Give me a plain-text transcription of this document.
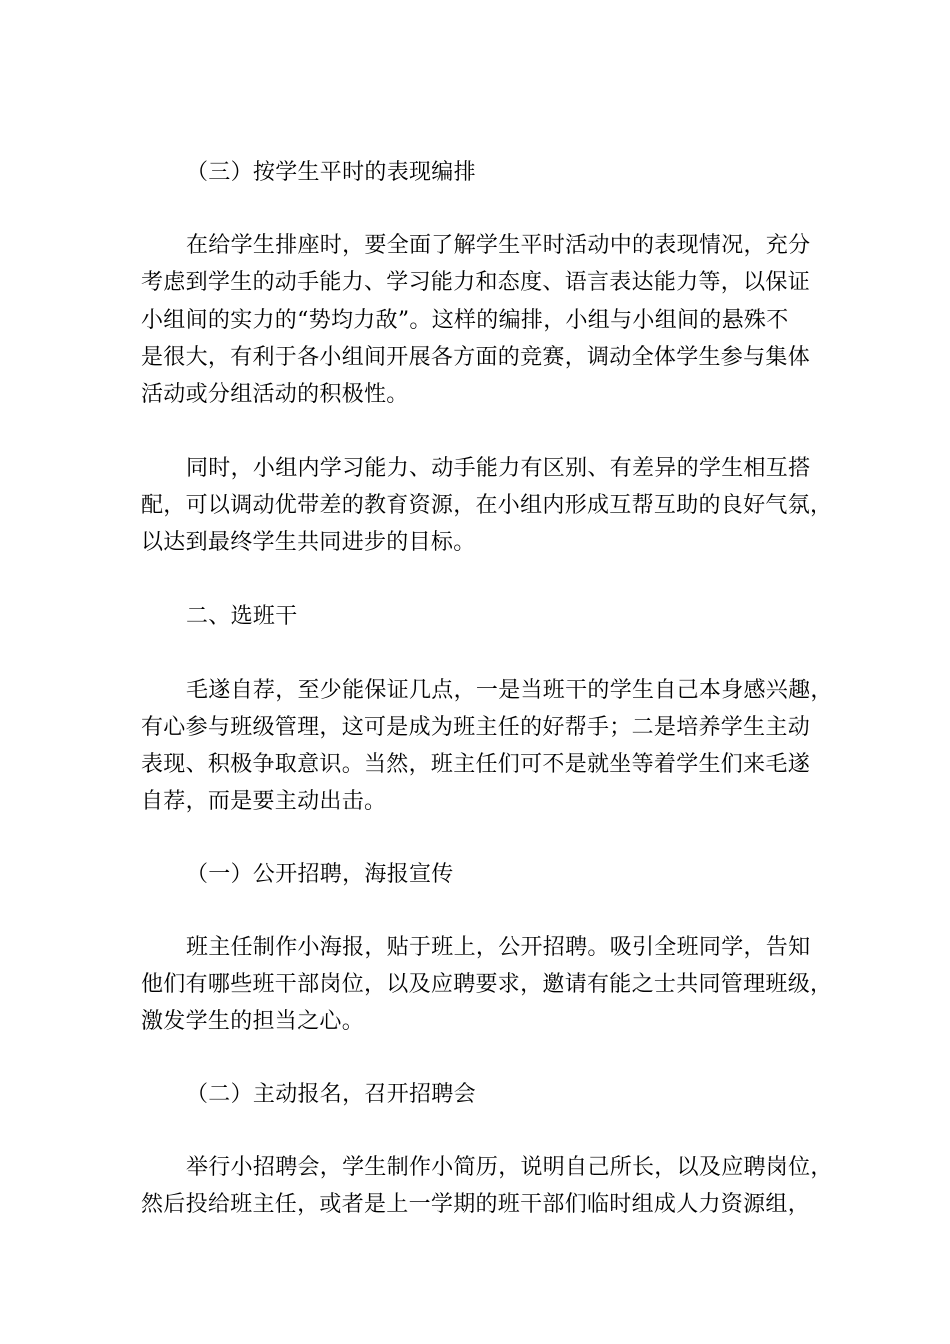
（三）按学生平时的表现编排
在给学生排座时，要全面了解学生平时活动中的表现情况，充分
考虑到学生的动手能力、学习能力和态度、语言表达能力等，以保证
小组间的实力的“势均力敌”。这样的编排，小组与小组间的悬殊不
是很大，有利于各小组间开展各方面的竞赛，调动全体学生参与集体
活动或分组活动的积极性。
同时，小组内学习能力、动手能力有区别、有差异的学生相互搭
配，可以调动优带差的教育资源，在小组内形成互帮互助的良好气氛，
以达到最终学生共同进步的目标。
二、选班干
毛遂自荐，至少能保证几点，一是当班干的学生自己本身感兴趣，
有心参与班级管理，这可是成为班主任的好帮手；二是培养学生主动
表现、积极争取意识。当然，班主任们可不是就坐等着学生们来毛遂
自荐，而是要主动出击。
（一）公开招聘，海报宣传
班主任制作小海报，贴于班上，公开招聘。吸引全班同学，告知
他们有哪些班干部岗位，以及应聘要求，邀请有能之士共同管理班级，
激发学生的担当之心。
（二）主动报名，召开招聘会
举行小招聘会，学生制作小简历，说明自己所长，以及应聘岗位，
然后投给班主任，或者是上一学期的班干部们临时组成人力资源组，
